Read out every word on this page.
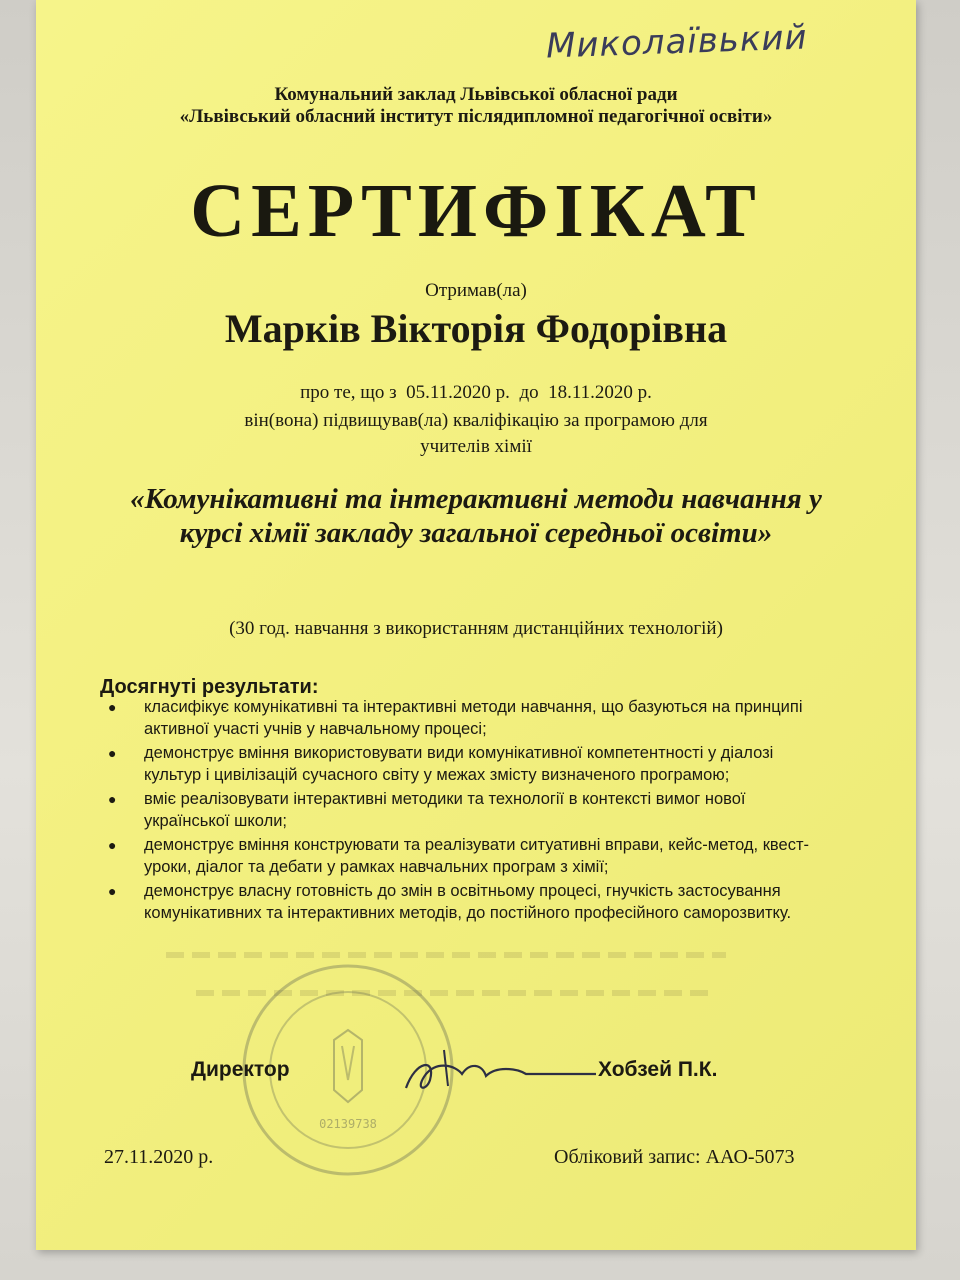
Миколаївький
Комунальний заклад Львівської обласної ради
«Львівський обласний інститут післядипломної педагогічної освіти»
СЕРТИФІКАТ
Отримав(ла)
Марків Вікторія Фодорівна
про те, що з 05.11.2020 р. до 18.11.2020 р.
він(вона) підвищував(ла) кваліфікацію за програмою для
учителів хімії
«Комунікативні та інтерактивні методи навчання у курсі хімії закладу загальної середньої освіти»
(30 год. навчання з використанням дистанційних технологій)
Досягнуті результати:
● класифікує комунікативні та інтерактивні методи навчання, що базуються на принципі активної участі учнів у навчальному процесі;
● демонструє вміння використовувати види комунікативної компетентності у діалозі культур і цивілізацій сучасного світу у межах змісту визначеного програмою;
● вміє реалізовувати інтерактивні методики та технології в контексті вимог нової української школи;
● демонструє вміння конструювати та реалізувати ситуативні вправи, кейс-метод, квест-уроки, діалог та дебати у рамках навчальних програм з хімії;
● демонструє власну готовність до змін в освітньому процесі, гнучкість застосування комунікативних та інтерактивних методів, до постійного професійного саморозвитку.
02139738
Директор	Хобзей П.К.
27.11.2020 р.	Обліковий запис: ААО-5073
